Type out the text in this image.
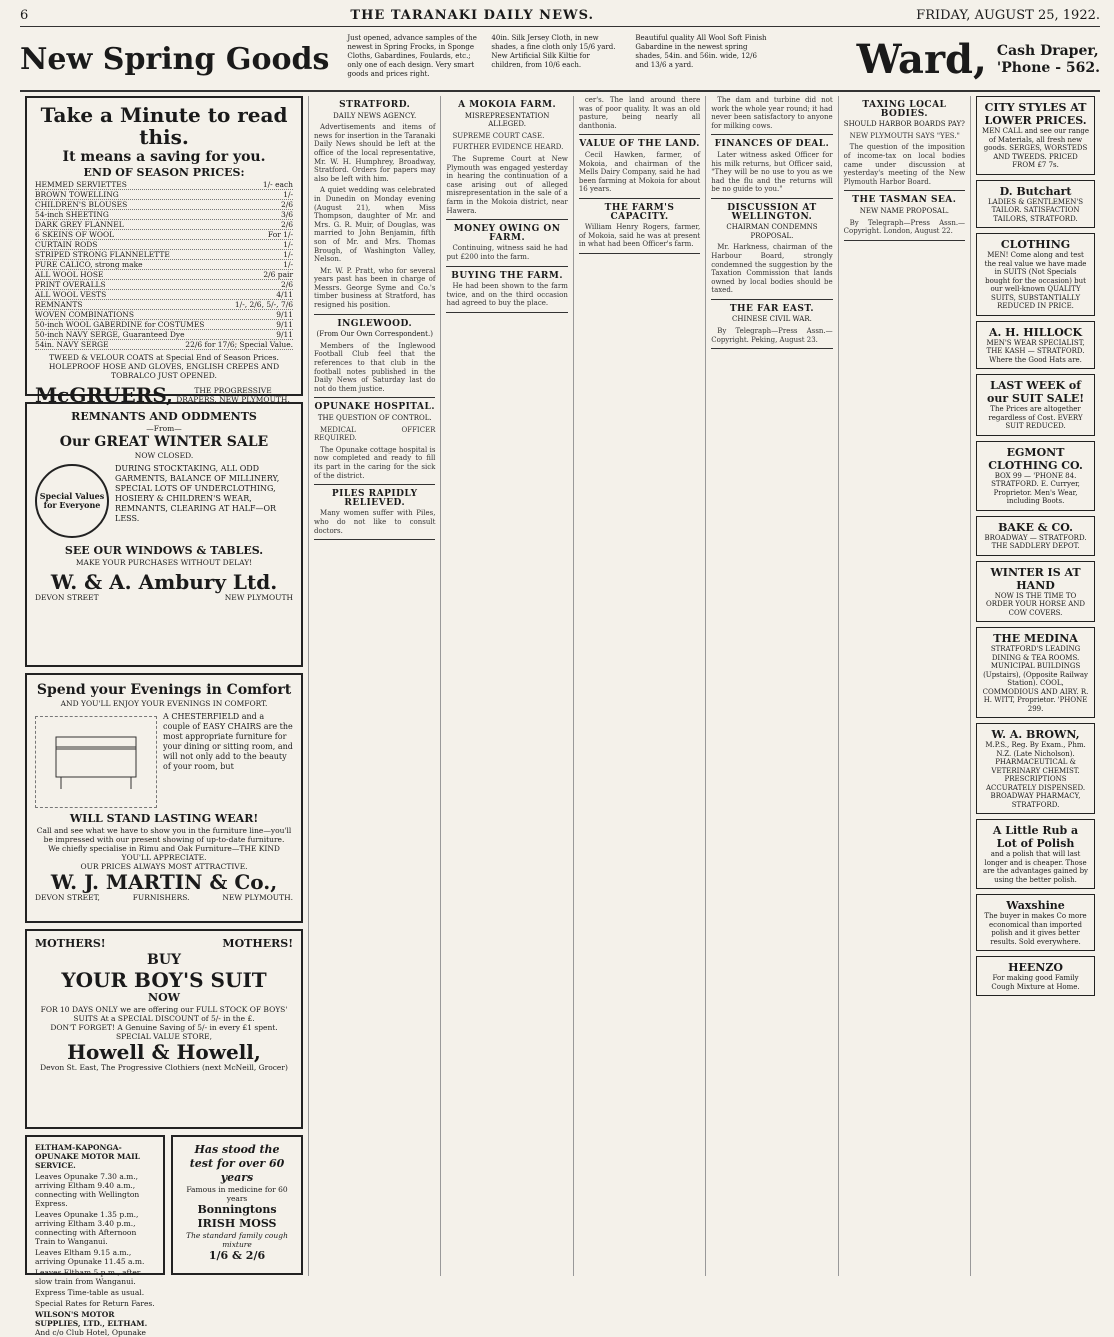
6	THE TARANAKI DAILY NEWS.	FRIDAY, AUGUST 25, 1922.
New Spring Goods
Just opened, advance samples of the newest in Spring Frocks, in Sponge Cloths, Gabardines, Foulards, etc.; only one of each design. Very smart goods and prices right.
40in. Silk Jersey Cloth, in new shades, a fine cloth only 15/6 yard. New Artificial Silk Kiltie for children, from 10/6 each.
Beautiful quality All Wool Soft Finish Gabardine in the newest spring shades, 54in. and 56in. wide, 12/6 and 13/6 a yard.	Ward, Cash Draper,
'Phone - 562.
Take a Minute to read this.
It means a saving for you.
END OF SEASON PRICES:
HEMMED SERVIETTES	1/- each
BROWN TOWELLING	1/-
CHILDREN'S BLOUSES	2/6
54-inch SHEETING	3/6
DARK GREY FLANNEL	2/6
6 SKEINS OF WOOL	For 1/-
CURTAIN RODS	1/-
STRIPED STRONG FLANNELETTE	1/-
PURE CALICO, strong make	1/-
ALL WOOL HOSE	2/6 pair
PRINT OVERALLS	2/6
ALL WOOL VESTS	4/11
REMNANTS	1/-, 2/6, 5/-, 7/6
WOVEN COMBINATIONS	9/11
50-inch WOOL GABERDINE for COSTUMES	9/11
50-inch NAVY SERGE, Guaranteed Dye	9/11
54in. NAVY SERGE	22/6 for 17/6; Special Value.
TWEED & VELOUR COATS at Special End of Season Prices. HOLEPROOF HOSE AND GLOVES, ENGLISH CREPES AND TOBRALCO JUST OPENED.
McGRUERS,	THE PROGRESSIVE DRAPERS, NEW PLYMOUTH.
REMNANTS AND ODDMENTS
—From—
Our GREAT WINTER SALE
NOW CLOSED.
Special Values for Everyone
DURING STOCKTAKING, ALL ODD GARMENTS, BALANCE OF MILLINERY, SPECIAL LOTS OF UNDERCLOTHING, HOSIERY & CHILDREN'S WEAR, REMNANTS, CLEARING AT HALF—OR LESS.
SEE OUR WINDOWS & TABLES.
MAKE YOUR PURCHASES WITHOUT DELAY!
W. & A. Ambury Ltd.
DEVON STREET	NEW PLYMOUTH
Spend your Evenings in Comfort
AND YOU'LL ENJOY YOUR EVENINGS IN COMFORT.
A CHESTERFIELD and a couple of EASY CHAIRS are the most appropriate furniture for your dining or sitting room, and will not only add to the beauty of your room, but
WILL STAND LASTING WEAR!
Call and see what we have to show you in the furniture line—you'll be impressed with our present showing of up-to-date furniture.
We chiefly specialise in Rimu and Oak Furniture—THE KIND YOU'LL APPRECIATE.
OUR PRICES ALWAYS MOST ATTRACTIVE.
W. J. MARTIN & Co.,
DEVON STREET,	FURNISHERS.	NEW PLYMOUTH.
MOTHERS!	MOTHERS!
BUY
YOUR BOY'S SUIT
NOW
FOR 10 DAYS ONLY we are offering our FULL STOCK OF BOYS' SUITS At a SPECIAL DISCOUNT of 5/- in the £.
DON'T FORGET! A Genuine Saving of 5/- in every £1 spent.
SPECIAL VALUE STORE,
Howell & Howell,
Devon St. East, The Progressive Clothiers (next McNeill, Grocer)
ELTHAM-KAPONGA-OPUNAKE MOTOR MAIL SERVICE.
Leaves Opunake 7.30 a.m., arriving Eltham 9.40 a.m., connecting with Wellington Express.
Leaves Opunake 1.35 p.m., arriving Eltham 3.40 p.m., connecting with Afternoon Train to Wanganui.
Leaves Eltham 9.15 a.m., arriving Opunake 11.45 a.m.
Leaves Eltham 5 p.m., after slow train from Wanganui.
Express Time-table as usual.
Special Rates for Return Fares.
WILSON'S MOTOR SUPPLIES, LTD., ELTHAM.
And c/o Club Hotel, Opunake
Has stood the test for over 60 years
Famous in medicine for 60 years
Bonningtons IRISH MOSS
The standard family cough mixture
1/6 & 2/6
STRATFORD.
DAILY NEWS AGENCY.

Advertisements and items of news for insertion in the Taranaki Daily News should be left at the office of the local representative, Mr. W. H. Humphrey, Broadway, Stratford. Orders for papers may also be left with him.

A quiet wedding was celebrated in Dunedin on Monday evening (August 21), when Miss Thompson, daughter of Mr. and Mrs. G. R. Muir, of Douglas, was married to John Benjamin, fifth son of Mr. and Mrs. Thomas Brough, of Washington Valley, Nelson.

Mr. W. P. Pratt, who for several years past has been in charge of Messrs. George Syme and Co.'s timber business at Stratford, has resigned his position.

INGLEWOOD.
(From Our Own Correspondent.)

Members of the Inglewood Football Club feel that the references to that club in the football notes published in the Daily News of Saturday last do not do them justice.

OPUNAKE HOSPITAL.
THE QUESTION OF CONTROL.

MEDICAL OFFICER REQUIRED.

The Opunake cottage hospital is now completed and ready to fill its part in the caring for the sick of the district.

PILES RAPIDLY RELIEVED.

Many women suffer with Piles, who do not like to consult doctors.

A MOKOIA FARM.
MISREPRESENTATION ALLEGED.

SUPREME COURT CASE.

FURTHER EVIDENCE HEARD.

The Supreme Court at New Plymouth was engaged yesterday in hearing the continuation of a case arising out of alleged misrepresentation in the sale of a farm in the Mokoia district, near Hawera.

MONEY OWING ON FARM.

Continuing, witness said he had put £200 into the farm.

BUYING THE FARM.

He had been shown to the farm twice, and on the third occasion had agreed to buy the place.

cer's. The land around there was of poor quality. It was an old pasture, being nearly all danthonia.

VALUE OF THE LAND.

Cecil Hawken, farmer, of Mokoia, and chairman of the Mells Dairy Company, said he had been farming at Mokoia for about 16 years.

THE FARM'S CAPACITY.

William Henry Rogers, farmer, of Mokoia, said he was at present in what had been Officer's farm.

The dam and turbine did not work the whole year round; it had never been satisfactory to anyone for milking cows.

FINANCES OF DEAL.

Later witness asked Officer for his milk returns, but Officer said, "They will be no use to you as we had the flu and the returns will be no guide to you."

DISCUSSION AT WELLINGTON.
CHAIRMAN CONDEMNS PROPOSAL.

Mr. Harkness, chairman of the Harbour Board, strongly condemned the suggestion by the Taxation Commission that lands owned by local bodies should be taxed.

THE FAR EAST.
CHINESE CIVIL WAR.

By Telegraph—Press Assn.—Copyright. Peking, August 23.

TAXING LOCAL BODIES.
SHOULD HARBOR BOARDS PAY?

NEW PLYMOUTH SAYS "YES."

The question of the imposition of income-tax on local bodies came under discussion at yesterday's meeting of the New Plymouth Harbor Board.

THE TASMAN SEA.
NEW NAME PROPOSAL.

By Telegraph—Press Assn.—Copyright. London, August 22.

CITY STYLES AT LOWER PRICES.
MEN CALL and see our range of Materials, all fresh new goods. SERGES, WORSTEDS AND TWEEDS. PRICED FROM £7 7s.
D. Butchart
LADIES & GENTLEMEN'S TAILOR. SATISFACTION TAILORS, STRATFORD.
CLOTHING
MEN! Come along and test the real value we have made in SUITS (Not Specials bought for the occasion) but our well-known QUALITY SUITS, SUBSTANTIALLY REDUCED IN PRICE.
A. H. HILLOCK
MEN'S WEAR SPECIALIST, THE KASH — STRATFORD. Where the Good Hats are.
LAST WEEK of our SUIT SALE!
The Prices are altogether regardless of Cost. EVERY SUIT REDUCED.
EGMONT CLOTHING CO.
BOX 99 — 'PHONE 84. STRATFORD. E. Curryer, Proprietor. Men's Wear, including Boots.
BAKE & CO.
BROADWAY — STRATFORD. THE SADDLERY DEPOT.
WINTER IS AT HAND
NOW IS THE TIME TO ORDER YOUR HORSE AND COW COVERS.
THE MEDINA
STRATFORD'S LEADING DINING & TEA ROOMS. MUNICIPAL BUILDINGS (Upstairs), (Opposite Railway Station). COOL, COMMODIOUS AND AIRY. R. H. WITT, Proprietor. 'PHONE 299.
W. A. BROWN,
M.P.S., Reg. By Exam., Phm. N.Z. (Late Nicholson). PHARMACEUTICAL & VETERINARY CHEMIST. PRESCRIPTIONS ACCURATELY DISPENSED. BROADWAY PHARMACY, STRATFORD.
A Little Rub a Lot of Polish
and a polish that will last longer and is cheaper. Those are the advantages gained by using the better polish.
Waxshine
The buyer in makes Co more economical than imported polish and it gives better results. Sold everywhere.
HEENZO
For making good Family Cough Mixture at Home.
